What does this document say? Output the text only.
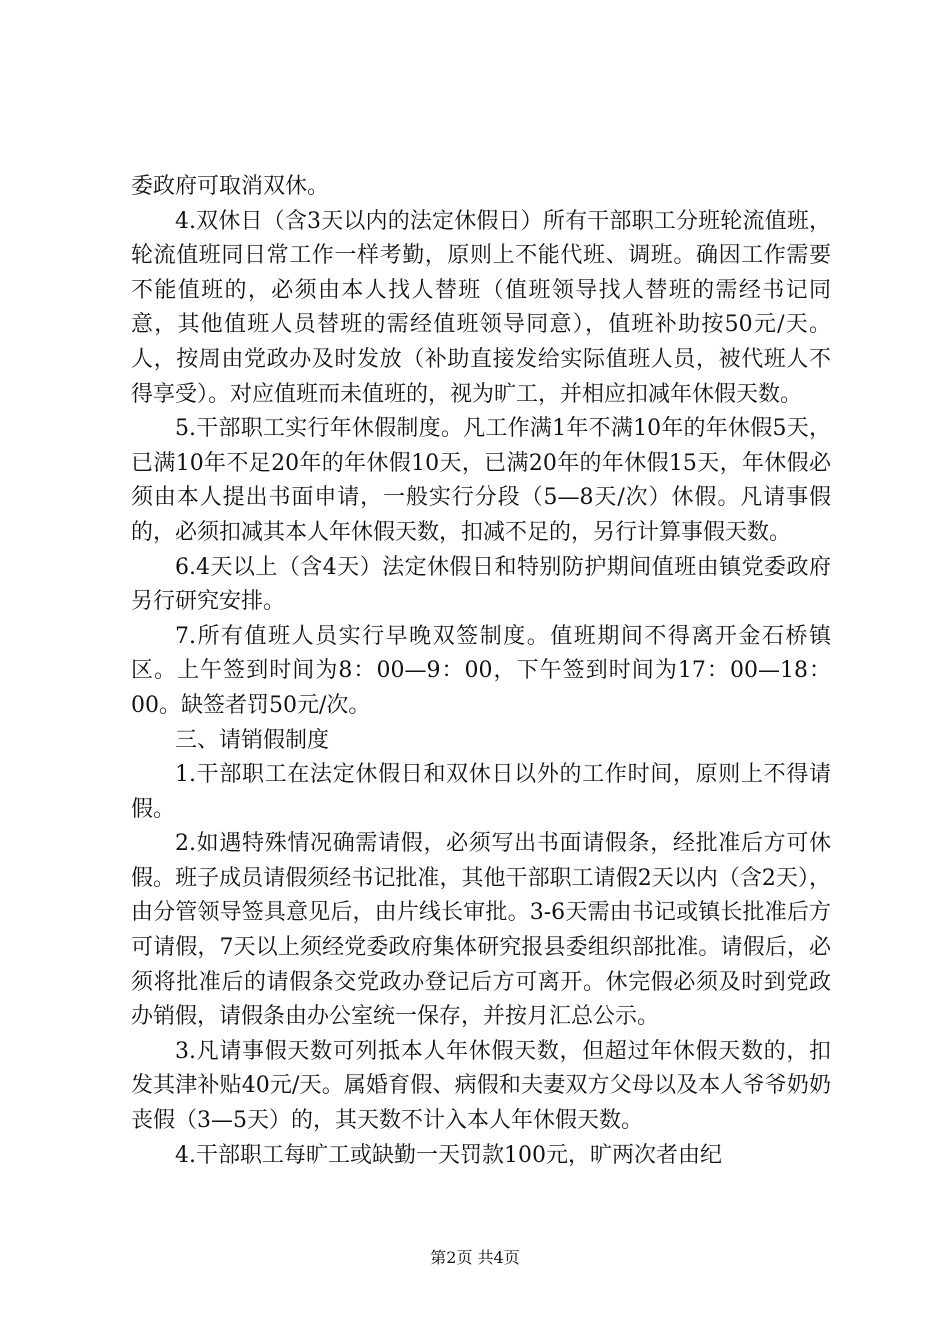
委政府可取消双休。

4.双休日（含3天以内的法定休假日）所有干部职工分班轮流值班，轮流值班同日常工作一样考勤，原则上不能代班、调班。确因工作需要不能值班的，必须由本人找人替班（值班领导找人替班的需经书记同意，其他值班人员替班的需经值班领导同意），值班补助按50元/天。人，按周由党政办及时发放（补助直接发给实际值班人员，被代班人不得享受）。对应值班而未值班的，视为旷工，并相应扣减年休假天数。

5.干部职工实行年休假制度。凡工作满1年不满10年的年休假5天，已满10年不足20年的年休假10天，已满20年的年休假15天，年休假必须由本人提出书面申请，一般实行分段（5—8天/次）休假。凡请事假的，必须扣减其本人年休假天数，扣减不足的，另行计算事假天数。

6.4天以上（含4天）法定休假日和特别防护期间值班由镇党委政府另行研究安排。

7.所有值班人员实行早晚双签制度。值班期间不得离开金石桥镇区。上午签到时间为8：00—9：00，下午签到时间为17：00—18：00。缺签者罚50元/次。

三、请销假制度

1.干部职工在法定休假日和双休日以外的工作时间，原则上不得请假。

2.如遇特殊情况确需请假，必须写出书面请假条，经批准后方可休假。班子成员请假须经书记批准，其他干部职工请假2天以内（含2天），由分管领导签具意见后，由片线长审批。3-6天需由书记或镇长批准后方可请假，7天以上须经党委政府集体研究报县委组织部批准。请假后，必须将批准后的请假条交党政办登记后方可离开。休完假必须及时到党政办销假，请假条由办公室统一保存，并按月汇总公示。

3.凡请事假天数可列抵本人年休假天数，但超过年休假天数的，扣发其津补贴40元/天。属婚育假、病假和夫妻双方父母以及本人爷爷奶奶丧假（3—5天）的，其天数不计入本人年休假天数。

4.干部职工每旷工或缺勤一天罚款100元，旷两次者由纪

第2页 共4页
